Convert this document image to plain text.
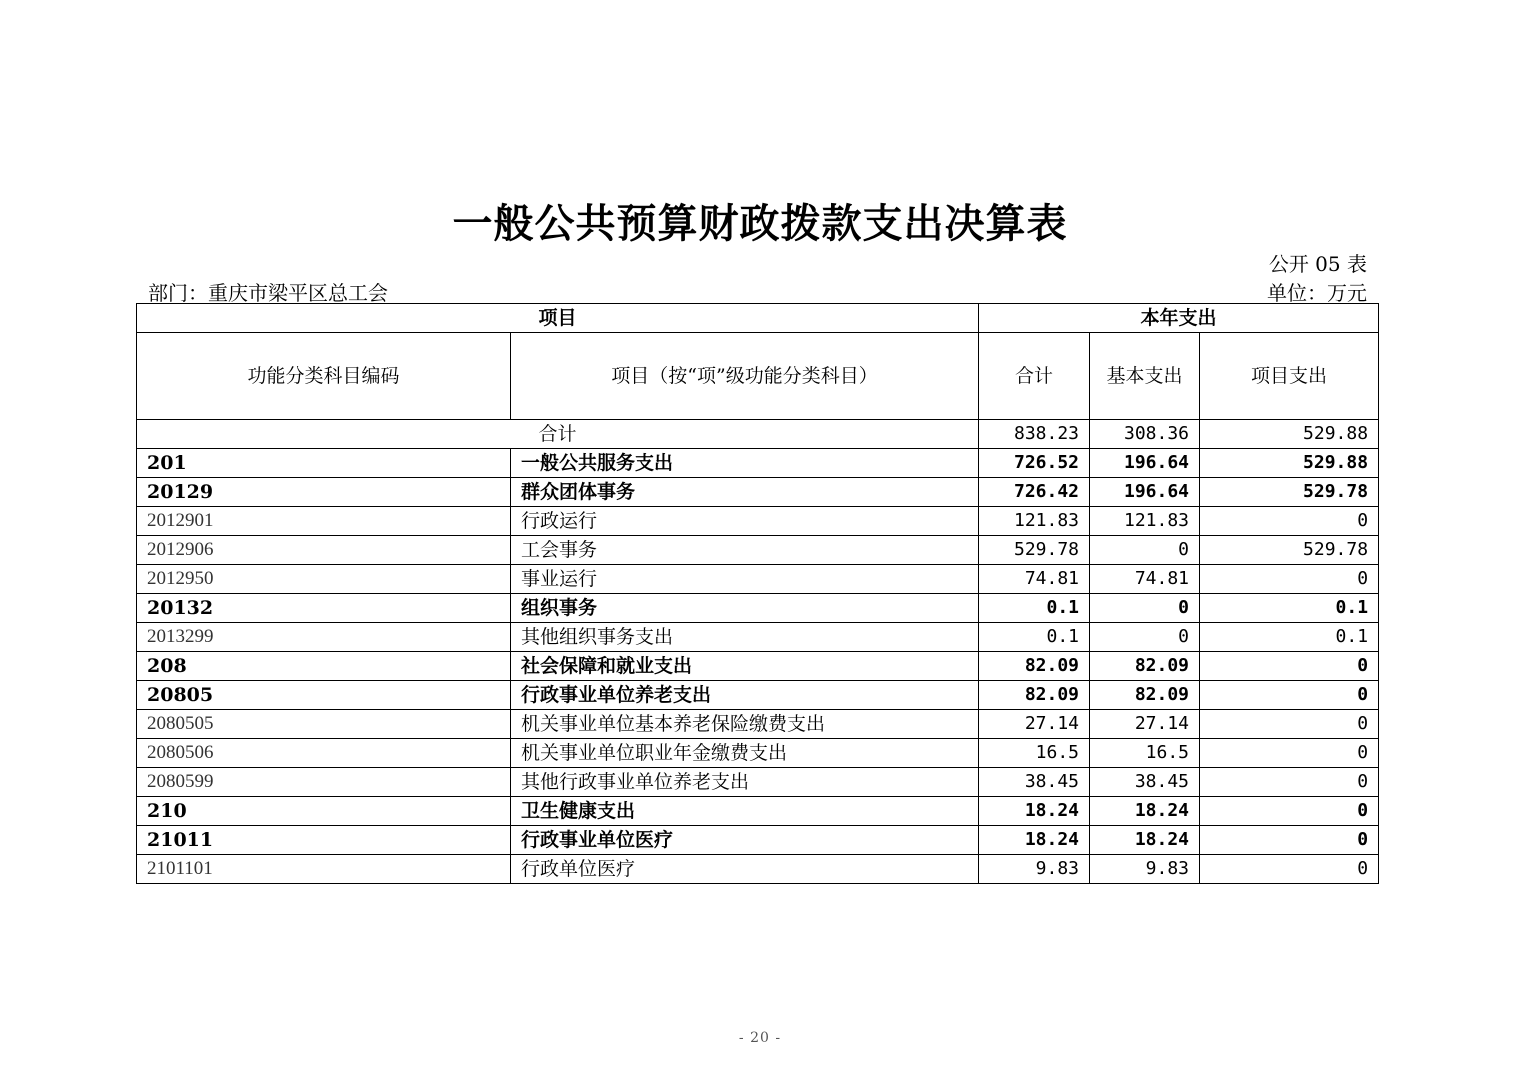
一般公共预算财政拨款支出决算表
公开 05 表
部门：重庆市梁平区总工会	单位：万元
项目		本年支出		
功能分类科目编码	项目（按“项”级功能分类科目）	合计	基本支出	项目支出
合计		838.23	308.36	529.88
201	一般公共服务支出	726.52	196.64	529.88
20129	群众团体事务	726.42	196.64	529.78
2012901	行政运行	121.83	121.83	0
2012906	工会事务	529.78	0	529.78
2012950	事业运行	74.81	74.81	0
20132	组织事务	0.1	0	0.1
2013299	其他组织事务支出	0.1	0	0.1
208	社会保障和就业支出	82.09	82.09	0
20805	行政事业单位养老支出	82.09	82.09	0
2080505	机关事业单位基本养老保险缴费支出	27.14	27.14	0
2080506	机关事业单位职业年金缴费支出	16.5	16.5	0
2080599	其他行政事业单位养老支出	38.45	38.45	0
210	卫生健康支出	18.24	18.24	0
21011	行政事业单位医疗	18.24	18.24	0
2101101	行政单位医疗	9.83	9.83	0
- 20 -
